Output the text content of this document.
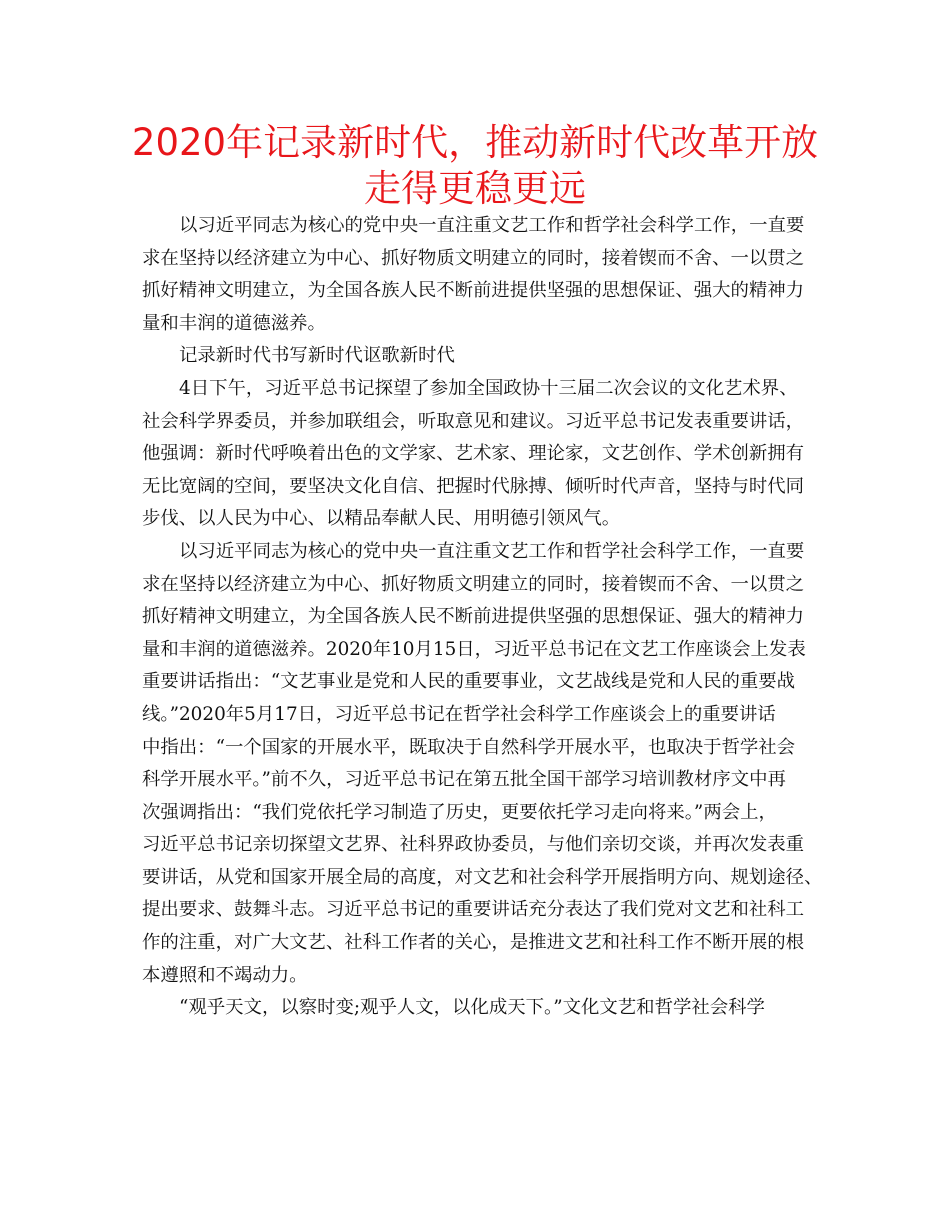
2020年记录新时代，推动新时代改革开放
走得更稳更远

以习近平同志为核心的党中央一直注重文艺工作和哲学社会科学工作，一直要
求在坚持以经济建立为中心、抓好物质文明建立的同时，接着锲而不舍、一以贯之
抓好精神文明建立，为全国各族人民不断前进提供坚强的思想保证、强大的精神力
量和丰润的道德滋养。

记录新时代书写新时代讴歌新时代

4日下午，习近平总书记探望了参加全国政协十三届二次会议的文化艺术界、
社会科学界委员，并参加联组会，听取意见和建议。习近平总书记发表重要讲话，
他强调：新时代呼唤着出色的文学家、艺术家、理论家，文艺创作、学术创新拥有
无比宽阔的空间，要坚决文化自信、把握时代脉搏、倾听时代声音，坚持与时代同
步伐、以人民为中心、以精品奉献人民、用明德引领风气。

以习近平同志为核心的党中央一直注重文艺工作和哲学社会科学工作，一直要
求在坚持以经济建立为中心、抓好物质文明建立的同时，接着锲而不舍、一以贯之
抓好精神文明建立，为全国各族人民不断前进提供坚强的思想保证、强大的精神力
量和丰润的道德滋养。2020年10月15日，习近平总书记在文艺工作座谈会上发表
重要讲话指出：“文艺事业是党和人民的重要事业，文艺战线是党和人民的重要战
线。”2020年5月17日，习近平总书记在哲学社会科学工作座谈会上的重要讲话
中指出：“一个国家的开展水平，既取决于自然科学开展水平，也取决于哲学社会
科学开展水平。”前不久，习近平总书记在第五批全国干部学习培训教材序文中再
次强调指出：“我们党依托学习制造了历史，更要依托学习走向将来。”两会上，
习近平总书记亲切探望文艺界、社科界政协委员，与他们亲切交谈，并再次发表重
要讲话，从党和国家开展全局的高度，对文艺和社会科学开展指明方向、规划途径、
提出要求、鼓舞斗志。习近平总书记的重要讲话充分表达了我们党对文艺和社科工
作的注重，对广大文艺、社科工作者的关心，是推进文艺和社科工作不断开展的根
本遵照和不竭动力。

“观乎天文，以察时变;观乎人文，以化成天下。”文化文艺和哲学社会科学
